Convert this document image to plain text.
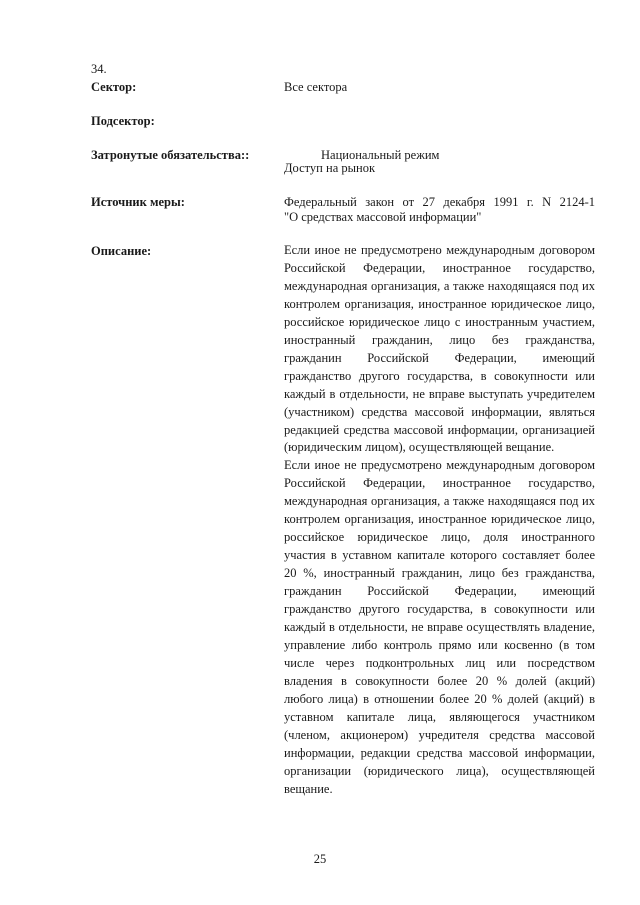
34.
Сектор:	Все сектора
Подсектор:
Затронутые обязательства::	Национальный режим
Доступ на рынок
Источник меры:	Федеральный закон от 27 декабря 1991 г. N 2124-1

"О средствах массовой информации"

Описание:	Если иное не предусмотрено международным договором Российской Федерации, иностранное государство, международная организация, а также находящаяся под их контролем организация, иностранное юридическое лицо, российское юридическое лицо с иностранным участием, иностранный гражданин, лицо без гражданства, гражданин Российской Федерации, имеющий гражданство другого государства, в совокупности или каждый в отдельности, не вправе выступать учредителем (участником) средства массовой информации, являться редакцией средства массовой информации, организацией (юридическим лицом), осуществляющей вещание.

Если иное не предусмотрено международным договором Российской Федерации, иностранное государство, международная организация, а также находящаяся под их контролем организация, иностранное юридическое лицо, российское юридическое лицо, доля иностранного участия в уставном капитале которого составляет более 20 %, иностранный гражданин, лицо без гражданства, гражданин Российской Федерации, имеющий гражданство другого государства, в совокупности или каждый в отдельности, не вправе осуществлять владение, управление либо контроль прямо или косвенно (в том числе через подконтрольных лиц или посредством владения в совокупности более 20 % долей (акций) любого лица) в отношении более 20 % долей (акций) в уставном капитале лица, являющегося участником (членом, акционером) учредителя средства массовой информации, редакции средства массовой информации, организации (юридического лица), осуществляющей вещание.

25
